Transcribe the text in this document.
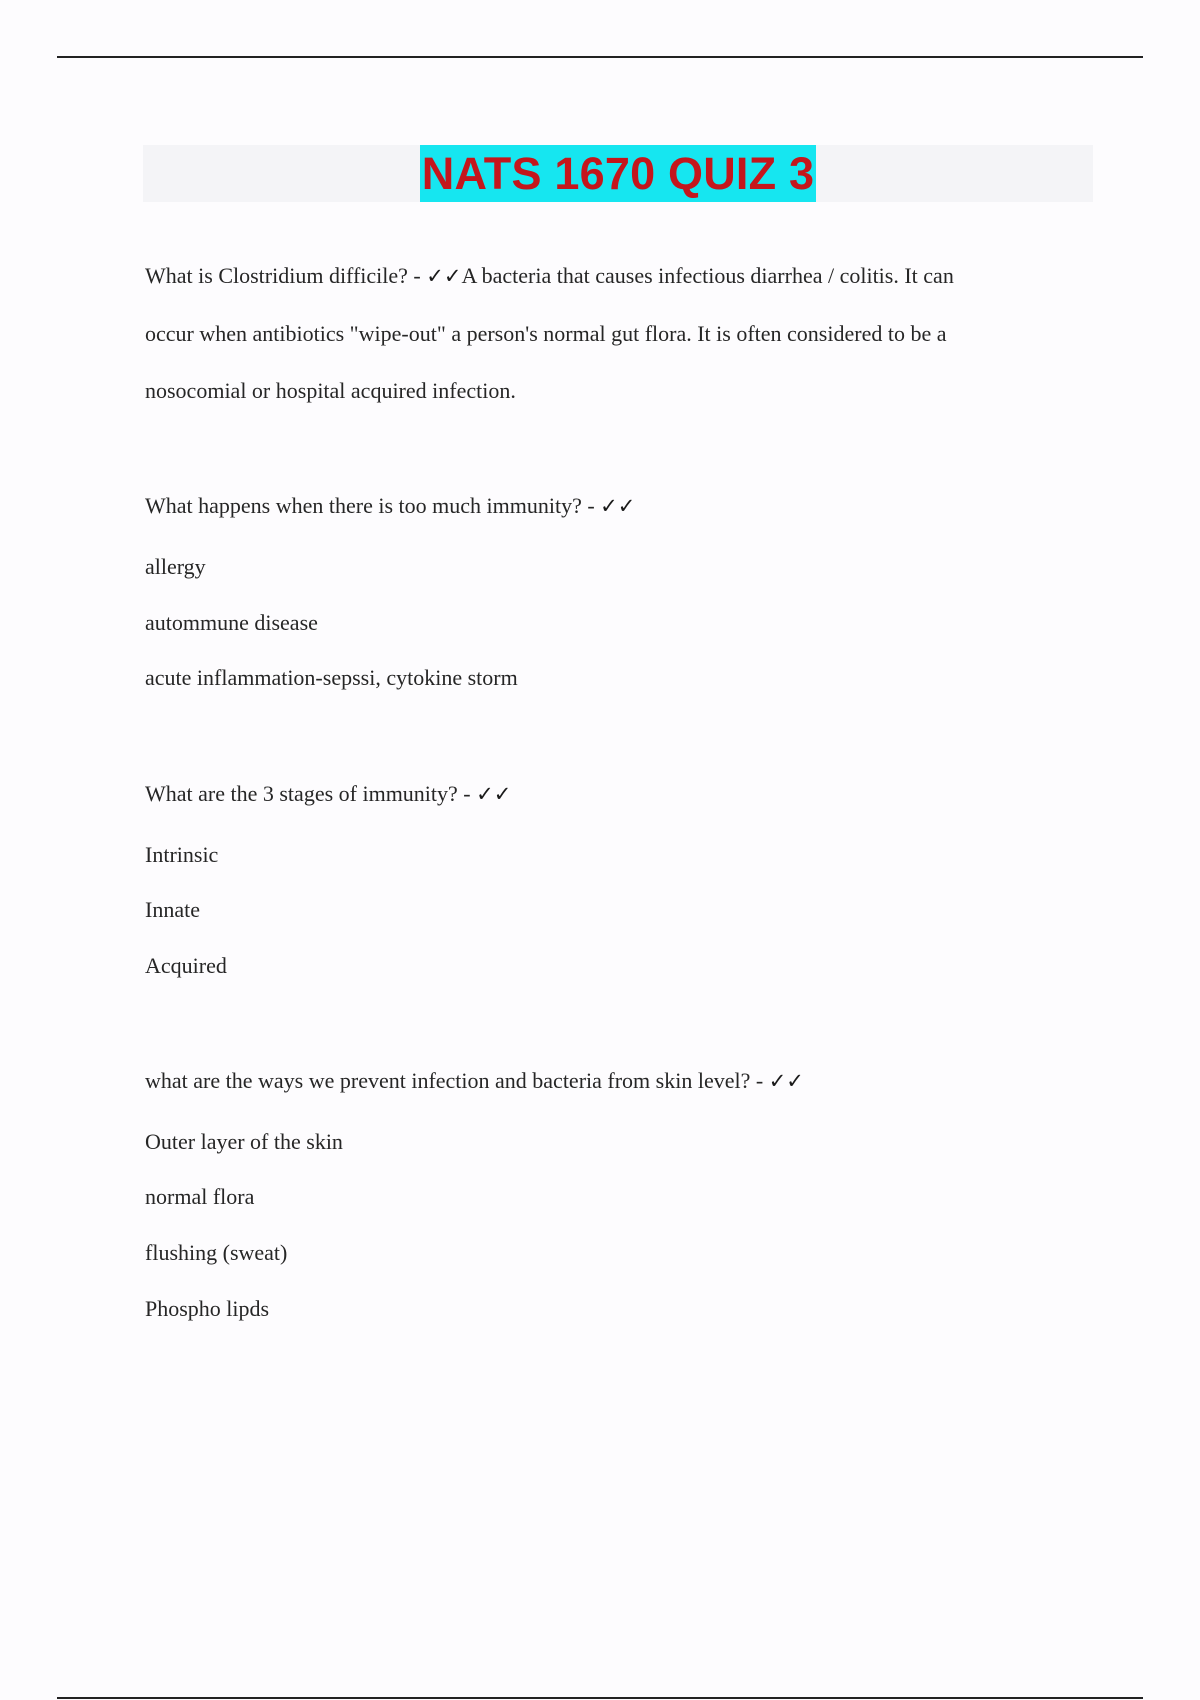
NATS 1670 QUIZ 3
What is Clostridium difficile? - ✓✓A bacteria that causes infectious diarrhea / colitis. It can
occur when antibiotics "wipe-out" a person's normal gut flora. It is often considered to be a
nosocomial or hospital acquired infection.
What happens when there is too much immunity? - ✓✓
allergy
autommune disease
acute inflammation-sepssi, cytokine storm
What are the 3 stages of immunity? - ✓✓
Intrinsic
Innate
Acquired
what are the ways we prevent infection and bacteria from skin level? - ✓✓
Outer layer of the skin
normal flora
flushing (sweat)
Phospho lipds
